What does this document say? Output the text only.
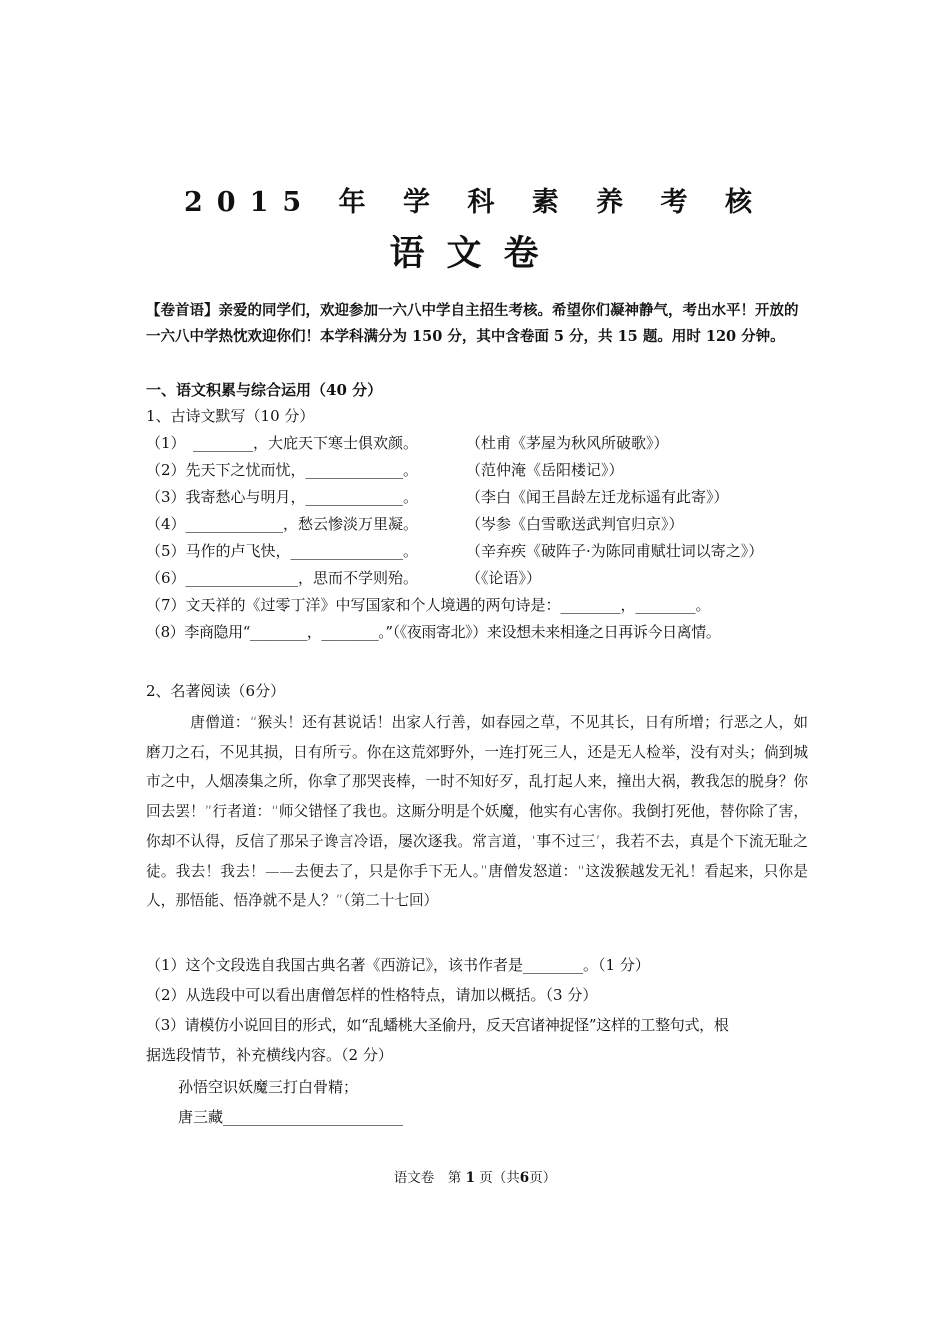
2015 年 学 科 素 养 考 核
语文卷
【卷首语】亲爱的同学们，欢迎参加一六八中学自主招生考核。希望你们凝神静气，考出水平！开放的一六八中学热忱欢迎你们！本学科满分为 150 分，其中含卷面 5 分，共 15 题。用时 120 分钟。
一、语文积累与综合运用（40 分）
1、古诗文默写（10 分）
（1）　________，大庇天下寒士俱欢颜。	（杜甫《茅屋为秋风所破歌》）
（2）先天下之忧而忧，_____________。	（范仲淹《岳阳楼记》）
（3）我寄愁心与明月，_____________。	（李白《闻王昌龄左迁龙标遥有此寄》）
（4）_____________，愁云惨淡万里凝。	（岑参《白雪歌送武判官归京》）
（5）马作的卢飞快，_______________。	（辛弃疾《破阵子·为陈同甫赋壮词以寄之》）
（6）_______________，思而不学则殆。	（《论语》）
（7）文天祥的《过零丁洋》中写国家和个人境遇的两句诗是：________，________。
（8）李商隐用“________，________。”（《夜雨寄北》）来设想未来相逢之日再诉今日离情。
2、名著阅读（6分）
唐僧道：“猴头！还有甚说话！出家人行善，如春园之草，不见其长，日有所增；行恶之人，如磨刀之石，不见其损，日有所亏。你在这荒郊野外，一连打死三人，还是无人检举，没有对头；倘到城市之中，人烟凑集之所，你拿了那哭丧棒，一时不知好歹，乱打起人来，撞出大祸，教我怎的脱身？你回去罢！”行者道：“师父错怪了我也。这厮分明是个妖魔，他实有心害你。我倒打死他，替你除了害，你却不认得，反信了那呆子谗言冷语，屡次逐我。常言道，‘事不过三’，我若不去，真是个下流无耻之徒。我去！我去！——去便去了，只是你手下无人。”唐僧发怒道：“这泼猴越发无礼！看起来，只你是人，那悟能、悟净就不是人？”（第二十七回）
（1）这个文段选自我国古典名著《西游记》，该书作者是________。（1 分）
（2）从选段中可以看出唐僧怎样的性格特点，请加以概括。（3 分）
（3）请模仿小说回目的形式，如“乱蟠桃大圣偷丹，反天宫诸神捉怪”这样的工整句式，根
据选段情节，补充横线内容。（2 分）
孙悟空识妖魔三打白骨精；
唐三藏________________________
语文卷　第 1 页（共6页）
